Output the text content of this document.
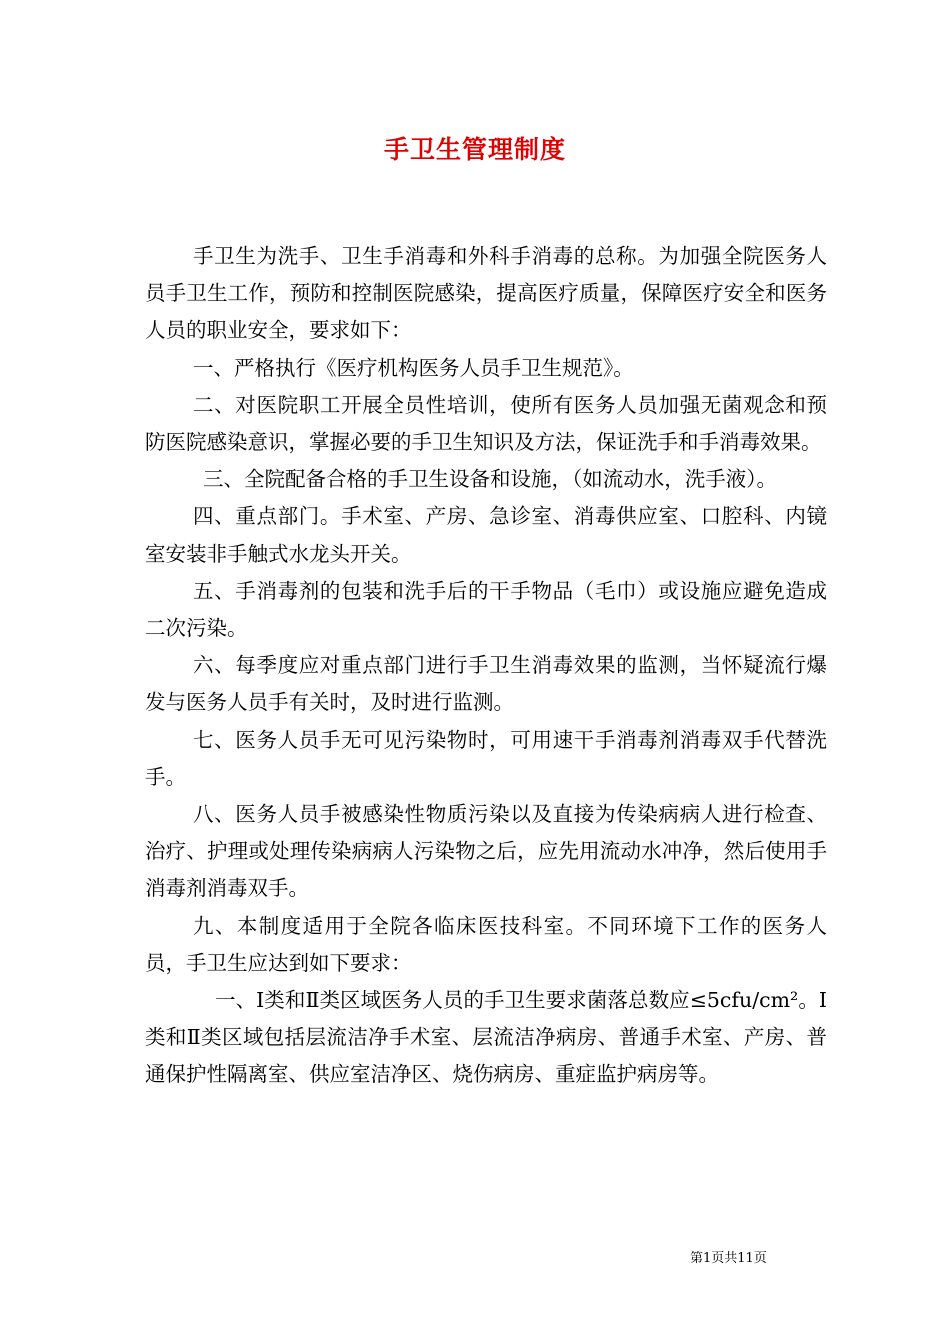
手卫生管理制度

手卫生为洗手、卫生手消毒和外科手消毒的总称。为加强全院医务人员手卫生工作，预防和控制医院感染，提高医疗质量，保障医疗安全和医务人员的职业安全，要求如下：

一、严格执行《医疗机构医务人员手卫生规范》。

二、对医院职工开展全员性培训，使所有医务人员加强无菌观念和预防医院感染意识，掌握必要的手卫生知识及方法，保证洗手和手消毒效果。

三、全院配备合格的手卫生设备和设施，（如流动水，洗手液）。

四、重点部门。手术室、产房、急诊室、消毒供应室、口腔科、内镜室安装非手触式水龙头开关。

五、手消毒剂的包装和洗手后的干手物品（毛巾）或设施应避免造成二次污染。

六、每季度应对重点部门进行手卫生消毒效果的监测，当怀疑流行爆发与医务人员手有关时，及时进行监测。

七、医务人员手无可见污染物时，可用速干手消毒剂消毒双手代替洗手。

八、医务人员手被感染性物质污染以及直接为传染病病人进行检查、治疗、护理或处理传染病病人污染物之后，应先用流动水冲净，然后使用手消毒剂消毒双手。

九、本制度适用于全院各临床医技科室。不同环境下工作的医务人员，手卫生应达到如下要求：

一、Ⅰ类和Ⅱ类区域医务人员的手卫生要求菌落总数应≤5cfu/cm²。Ⅰ类和Ⅱ类区域包括层流洁净手术室、层流洁净病房、普通手术室、产房、普通保护性隔离室、供应室洁净区、烧伤病房、重症监护病房等。

第1页共11页
